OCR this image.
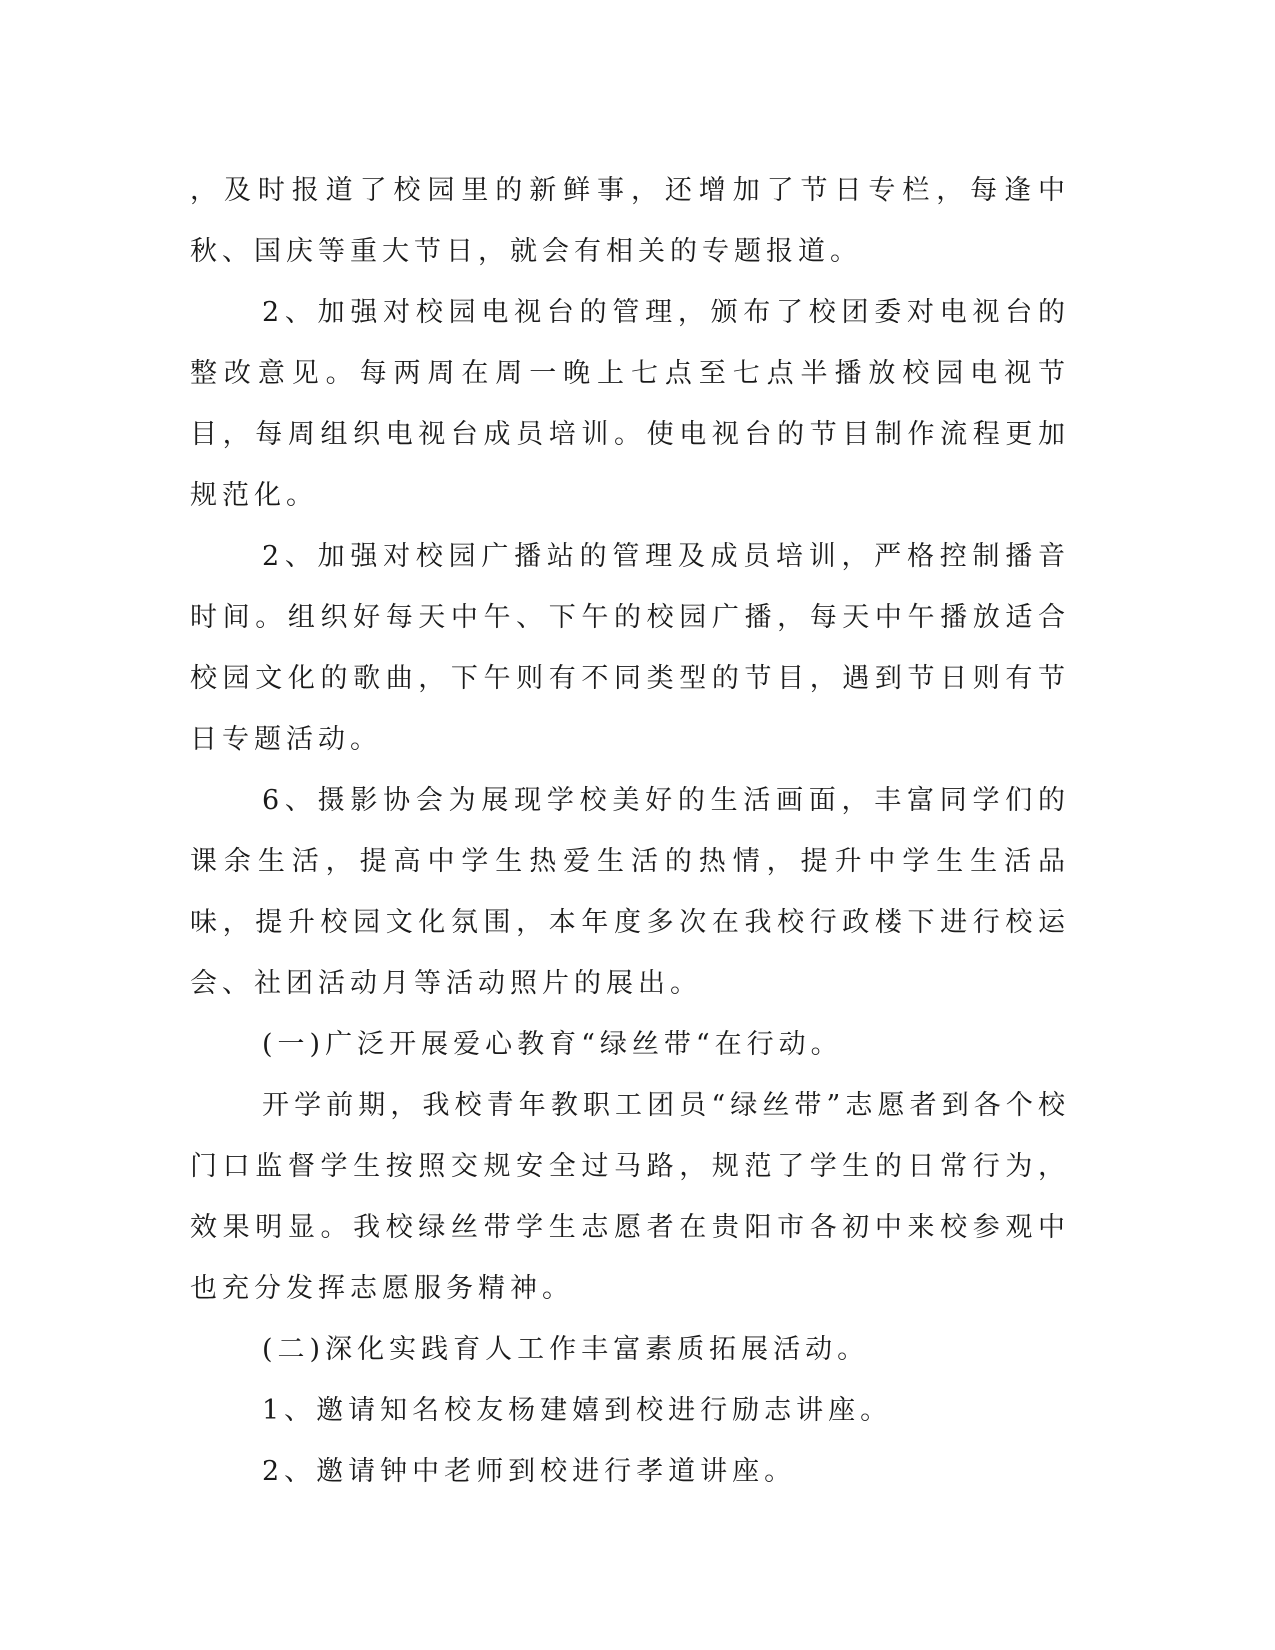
，及时报道了校园里的新鲜事，还增加了节日专栏，每逢中秋、国庆等重大节日，就会有相关的专题报道。

2、加强对校园电视台的管理，颁布了校团委对电视台的整改意见。每两周在周一晚上七点至七点半播放校园电视节目，每周组织电视台成员培训。使电视台的节目制作流程更加规范化。

2、加强对校园广播站的管理及成员培训，严格控制播音时间。组织好每天中午、下午的校园广播，每天中午播放适合校园文化的歌曲，下午则有不同类型的节目，遇到节日则有节日专题活动。

6、摄影协会为展现学校美好的生活画面，丰富同学们的课余生活，提高中学生热爱生活的热情，提升中学生生活品味，提升校园文化氛围，本年度多次在我校行政楼下进行校运会、社团活动月等活动照片的展出。

(一)广泛开展爱心教育“绿丝带“在行动。

开学前期，我校青年教职工团员“绿丝带”志愿者到各个校门口监督学生按照交规安全过马路，规范了学生的日常行为，效果明显。我校绿丝带学生志愿者在贵阳市各初中来校参观中也充分发挥志愿服务精神。

(二)深化实践育人工作丰富素质拓展活动。

1、邀请知名校友杨建嬉到校进行励志讲座。

2、邀请钟中老师到校进行孝道讲座。
